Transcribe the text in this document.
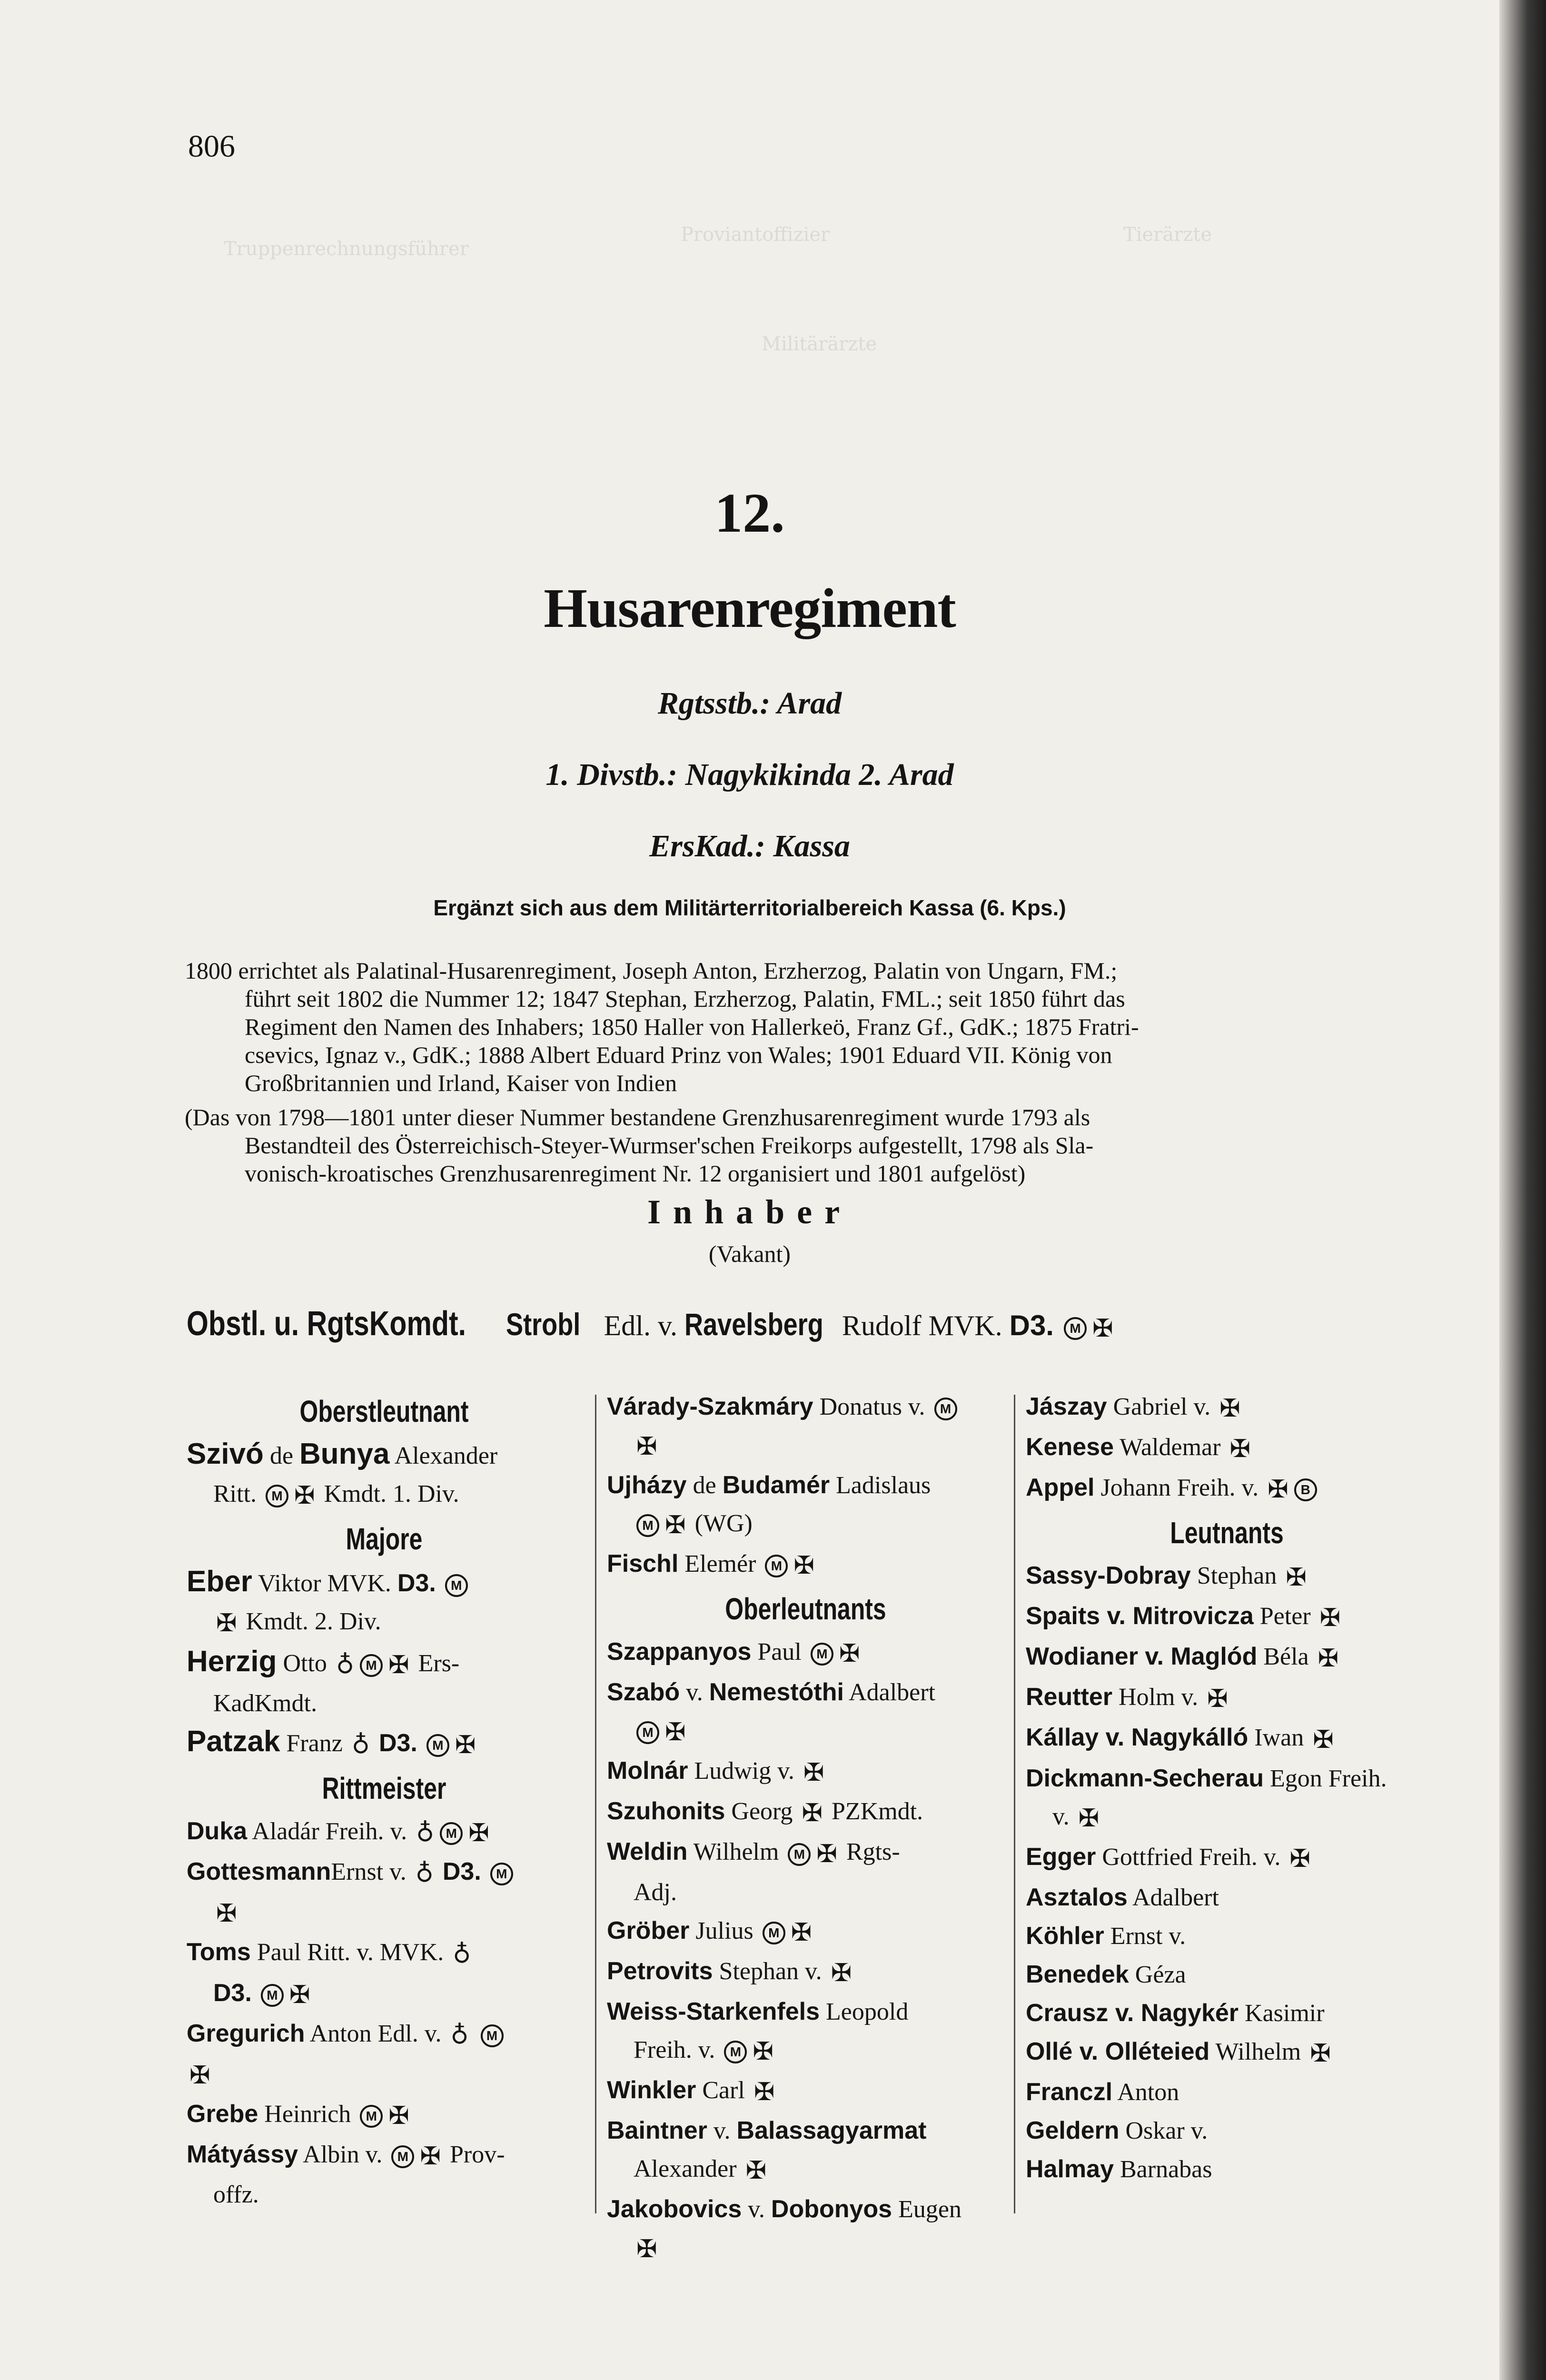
Truppenrechnungsführer
Proviantoffizier	Tierärzte
Militärärzte
806
12.
Husarenregiment
Rgtsstb.: Arad
1. Divstb.: Nagykikinda 2. Arad
ErsKad.: Kassa
Ergänzt sich aus dem Militärterritorialbereich Kassa (6. Kps.)
1800 errichtet als Palatinal-Husarenregiment, Joseph Anton, Erzherzog, Palatin von Ungarn, FM.;
führt seit 1802 die Nummer 12; 1847 Stephan, Erzherzog, Palatin, FML.; seit 1850 führt das
Regiment den Namen des Inhabers; 1850 Haller von Hallerkeö, Franz Gf., GdK.; 1875 Fratri-
csevics, Ignaz v., GdK.; 1888 Albert Eduard Prinz von Wales; 1901 Eduard VII. König von
Großbritannien und Irland, Kaiser von Indien
(Das von 1798—1801 unter dieser Nummer bestandene Grenzhusarenregiment wurde 1793 als
Bestandteil des Österreichisch-Steyer-Wurmser'schen Freikorps aufgestellt, 1798 als Sla-
vonisch-kroatisches Grenzhusarenregiment Nr. 12 organisiert und 1801 aufgelöst)
Inhaber
(Vakant)
Obstl. u. RgtsKomdt. Strobl Edl. v. Ravelsberg Rudolf MVK. D3. M ✠
Oberstleutnant
Szivó de Bunya Alexander
Ritt. M ✠ Kmdt. 1. Div.
Majore
Eber Viktor MVK. D3. M
✠ Kmdt. 2. Div.
Herzig Otto ♁ M ✠ Ers-
KadKmdt.
Patzak Franz ♁ D3. M ✠
Rittmeister
Duka Aladár Freih. v. ♁ M ✠
GottesmannErnst v. ♁ D3. M
✠
Toms Paul Ritt. v. MVK. ♁
D3. M ✠
Gregurich Anton Edl. v. ♁ M
✠
Grebe Heinrich M ✠
Mátyássy Albin v. M ✠ Prov-
offz.
Várady-Szakmáry Donatus v. M
✠
Ujházy de Budamér Ladislaus
M ✠ (WG)
Fischl Elemér M ✠
Oberleutnants
Szappanyos Paul M ✠
Szabó v. Nemestóthi Adalbert
M ✠
Molnár Ludwig v. ✠
Szuhonits Georg ✠ PZKmdt.
Weldin Wilhelm M ✠ Rgts-
Adj.
Gröber Julius M ✠
Petrovits Stephan v. ✠
Weiss-Starkenfels Leopold
Freih. v. M ✠
Winkler Carl ✠
Baintner v. Balassagyarmat
Alexander ✠
Jakobovics v. Dobonyos Eugen
✠
Jászay Gabriel v. ✠
Kenese Waldemar ✠
Appel Johann Freih. v. ✠ B
Leutnants
Sassy-Dobray Stephan ✠
Spaits v. Mitrovicza Peter ✠
Wodianer v. Maglód Béla ✠
Reutter Holm v. ✠
Kállay v. Nagykálló Iwan ✠
Dickmann-Secherau Egon Freih.
v. ✠
Egger Gottfried Freih. v. ✠
Asztalos Adalbert
Köhler Ernst v.
Benedek Géza
Crausz v. Nagykér Kasimir
Ollé v. Olléteied Wilhelm ✠
Franczl Anton
Geldern Oskar v.
Halmay Barnabas
